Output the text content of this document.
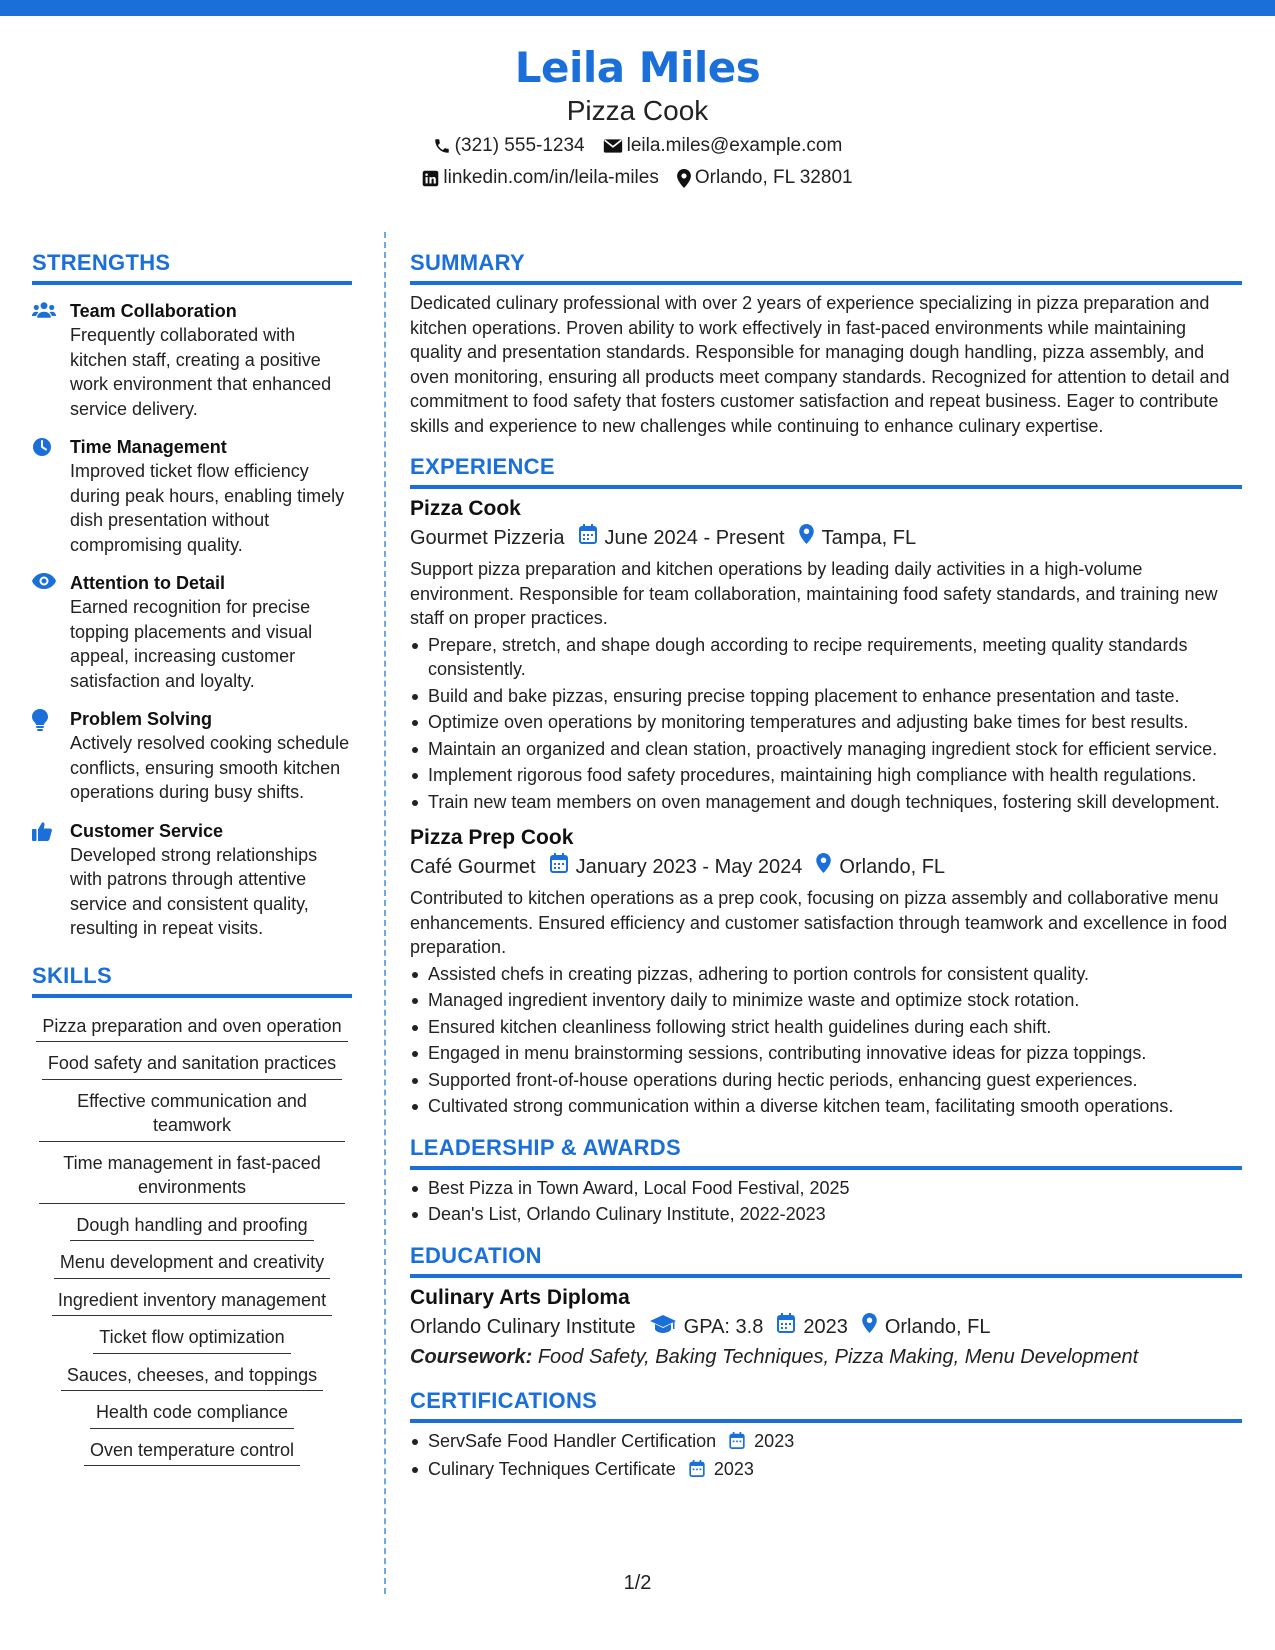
Leila Miles
Pizza Cook
(321) 555-1234 leila.miles@example.com
linkedin.com/in/leila-miles Orlando, FL 32801
STRENGTHS
Team Collaboration
Frequently collaborated with kitchen staff, creating a positive work environment that enhanced service delivery.
Time Management
Improved ticket flow efficiency during peak hours, enabling timely dish presentation without compromising quality.
Attention to Detail
Earned recognition for precise topping placements and visual appeal, increasing customer satisfaction and loyalty.
Problem Solving
Actively resolved cooking schedule conflicts, ensuring smooth kitchen operations during busy shifts.
Customer Service
Developed strong relationships with patrons through attentive service and consistent quality, resulting in repeat visits.
SKILLS
Pizza preparation and oven operation
Food safety and sanitation practices
Effective communication and teamwork
Time management in fast-paced environments
Dough handling and proofing
Menu development and creativity
Ingredient inventory management
Ticket flow optimization
Sauces, cheeses, and toppings
Health code compliance
Oven temperature control
SUMMARY
Dedicated culinary professional with over 2 years of experience specializing in pizza preparation and kitchen operations. Proven ability to work effectively in fast-paced environments while maintaining quality and presentation standards. Responsible for managing dough handling, pizza assembly, and oven monitoring, ensuring all products meet company standards. Recognized for attention to detail and commitment to food safety that fosters customer satisfaction and repeat business. Eager to contribute skills and experience to new challenges while continuing to enhance culinary expertise.
EXPERIENCE
Pizza Cook
Gourmet Pizzeria June 2024 - Present Tampa, FL
Support pizza preparation and kitchen operations by leading daily activities in a high-volume environment. Responsible for team collaboration, maintaining food safety standards, and training new staff on proper practices.
Prepare, stretch, and shape dough according to recipe requirements, meeting quality standards consistently.
Build and bake pizzas, ensuring precise topping placement to enhance presentation and taste.
Optimize oven operations by monitoring temperatures and adjusting bake times for best results.
Maintain an organized and clean station, proactively managing ingredient stock for efficient service.
Implement rigorous food safety procedures, maintaining high compliance with health regulations.
Train new team members on oven management and dough techniques, fostering skill development.
Pizza Prep Cook
Café Gourmet January 2023 - May 2024 Orlando, FL
Contributed to kitchen operations as a prep cook, focusing on pizza assembly and collaborative menu enhancements. Ensured efficiency and customer satisfaction through teamwork and excellence in food preparation.
Assisted chefs in creating pizzas, adhering to portion controls for consistent quality.
Managed ingredient inventory daily to minimize waste and optimize stock rotation.
Ensured kitchen cleanliness following strict health guidelines during each shift.
Engaged in menu brainstorming sessions, contributing innovative ideas for pizza toppings.
Supported front-of-house operations during hectic periods, enhancing guest experiences.
Cultivated strong communication within a diverse kitchen team, facilitating smooth operations.
LEADERSHIP & AWARDS
Best Pizza in Town Award, Local Food Festival, 2025
Dean's List, Orlando Culinary Institute, 2022-2023
EDUCATION
Culinary Arts Diploma
Orlando Culinary Institute GPA: 3.8 2023 Orlando, FL
Coursework: Food Safety, Baking Techniques, Pizza Making, Menu Development
CERTIFICATIONS
ServSafe Food Handler Certification 2023
Culinary Techniques Certificate 2023
1/2
